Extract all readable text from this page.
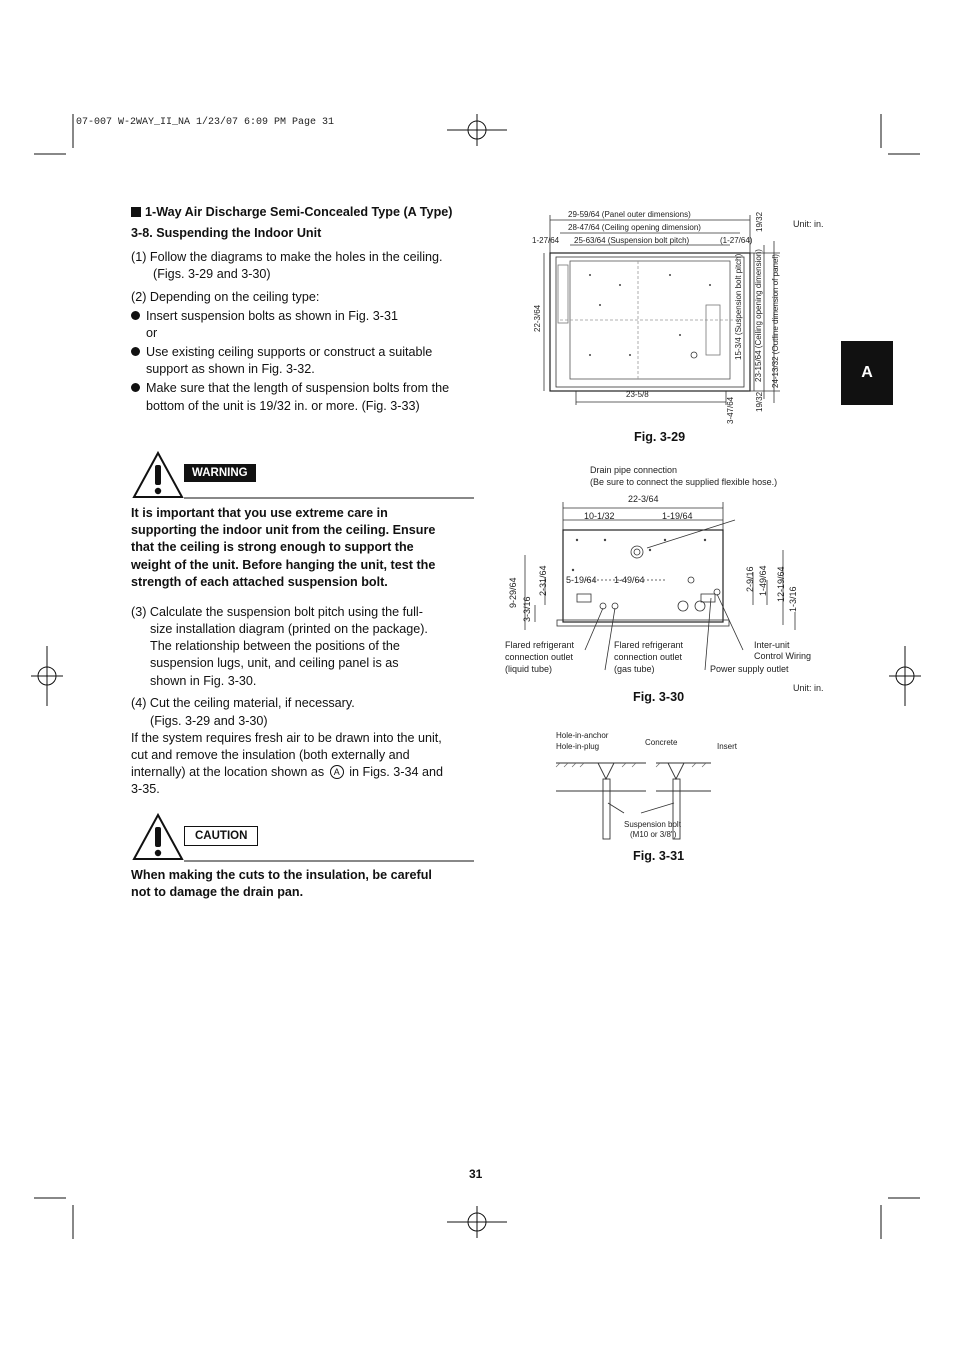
07-007 W-2WAY_II_NA 1/23/07 6:09 PM Page 31
A
1-Way Air Discharge Semi-Concealed Type (A Type)
3-8. Suspending the Indoor Unit
(1) Follow the diagrams to make the holes in the ceiling.
(Figs. 3-29 and 3-30)
(2) Depending on the ceiling type:
Insert suspension bolts as shown in Fig. 3-31
or
Use existing ceiling supports or construct a suitable
support as shown in Fig. 3-32.
Make sure that the length of suspension bolts from the
bottom of the unit is 19/32 in. or more. (Fig. 3-33)
WARNING
It is important that you use extreme care in
supporting the indoor unit from the ceiling. Ensure
that the ceiling is strong enough to support the
weight of the unit. Before hanging the unit, test the
strength of each attached suspension bolt.
(3) Calculate the suspension bolt pitch using the full-
size installation diagram (printed on the package).
The relationship between the positions of the
suspension lugs, unit, and ceiling panel is as
shown in Fig. 3-30.
(4) Cut the ceiling material, if necessary.
(Figs. 3-29 and 3-30)
If the system requires fresh air to be drawn into the unit,
cut and remove the insulation (both externally and
internally) at the location shown as A in Figs. 3-34 and
3-35.
CAUTION
When making the cuts to the insulation, be careful
not to damage the drain pan.
29-59/64 (Panel outer dimensions)
28-47/64 (Ceiling opening dimension)
25-63/64 (Suspension bolt pitch)
1-27/64	(1-27/64)
19/32	Unit: in.
22-3/64
23-5/8
15-3/4 (Suspension bolt pitch) 23-15/64 (Ceiling opening dimension) 24-13/32 (Outline dimension of panel)
3-47/64	19/32
Fig. 3-29
Drain pipe connection
(Be sure to connect the supplied flexible hose.)
22-3/64
10-1/32	1-19/64
9-29/64 2-31/64
3-3/16
5-19/64 1-49/64	2-9/16 1-49/64 12-19/64 1-3/16
Flared refrigerant
connection outlet
(liquid tube)
Flared refrigerant
connection outlet
(gas tube)
Inter-unit
Control Wiring
Power supply outlet
Unit: in.
Fig. 3-30
Hole-in-anchor
Hole-in-plug	Concrete	Insert
Suspension bolt
(M10 or 3/8")
Fig. 3-31
31
